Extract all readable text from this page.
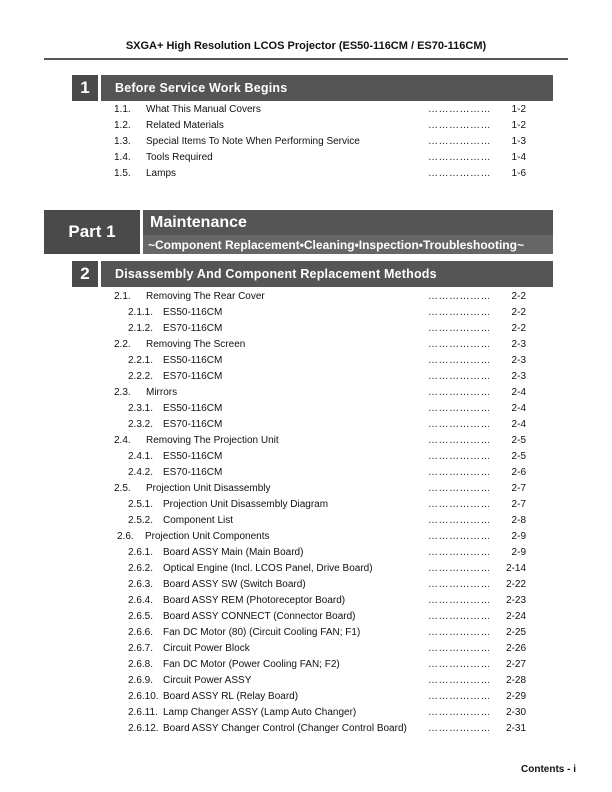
SXGA+ High Resolution LCOS Projector (ES50-116CM / ES70-116CM)
1	Before Service Work Begins
1.1. What This Manual Covers	……………… 1-2
1.2. Related Materials	……………… 1-2
1.3. Special Items To Note When Performing Service	……………… 1-3
1.4. Tools Required	……………… 1-4
1.5. Lamps	……………… 1-6
Part 1	Maintenance
~Component Replacement•Cleaning•Inspection•Troubleshooting~
2	Disassembly And Component Replacement Methods
2.1. Removing The Rear Cover	……………… 2-2
2.1.1. ES50-116CM	……………… 2-2
2.1.2. ES70-116CM	……………… 2-2
2.2. Removing The Screen	……………… 2-3
2.2.1. ES50-116CM	……………… 2-3
2.2.2. ES70-116CM	……………… 2-3
2.3. Mirrors	……………… 2-4
2.3.1. ES50-116CM	……………… 2-4
2.3.2. ES70-116CM	……………… 2-4
2.4. Removing The Projection Unit	……………… 2-5
2.4.1. ES50-116CM	……………… 2-5
2.4.2. ES70-116CM	……………… 2-6
2.5. Projection Unit Disassembly	……………… 2-7
2.5.1. Projection Unit Disassembly Diagram	……………… 2-7
2.5.2. Component List	……………… 2-8
2.6. Projection Unit Components	……………… 2-9
2.6.1. Board ASSY Main (Main Board)	……………… 2-9
2.6.2. Optical Engine (Incl. LCOS Panel, Drive Board)	……………… 2-14
2.6.3. Board ASSY SW (Switch Board)	……………… 2-22
2.6.4. Board ASSY REM (Photoreceptor Board)	……………… 2-23
2.6.5. Board ASSY CONNECT (Connector Board)	……………… 2-24
2.6.6. Fan DC Motor (80) (Circuit Cooling FAN; F1)	……………… 2-25
2.6.7. Circuit Power Block	……………… 2-26
2.6.8. Fan DC Motor (Power Cooling FAN; F2)	……………… 2-27
2.6.9. Circuit Power ASSY	……………… 2-28
2.6.10. Board ASSY RL (Relay Board)	……………… 2-29
2.6.11. Lamp Changer ASSY (Lamp Auto Changer)	……………… 2-30
2.6.12. Board ASSY Changer Control (Changer Control Board) ……………… 2-31
Contents - i
